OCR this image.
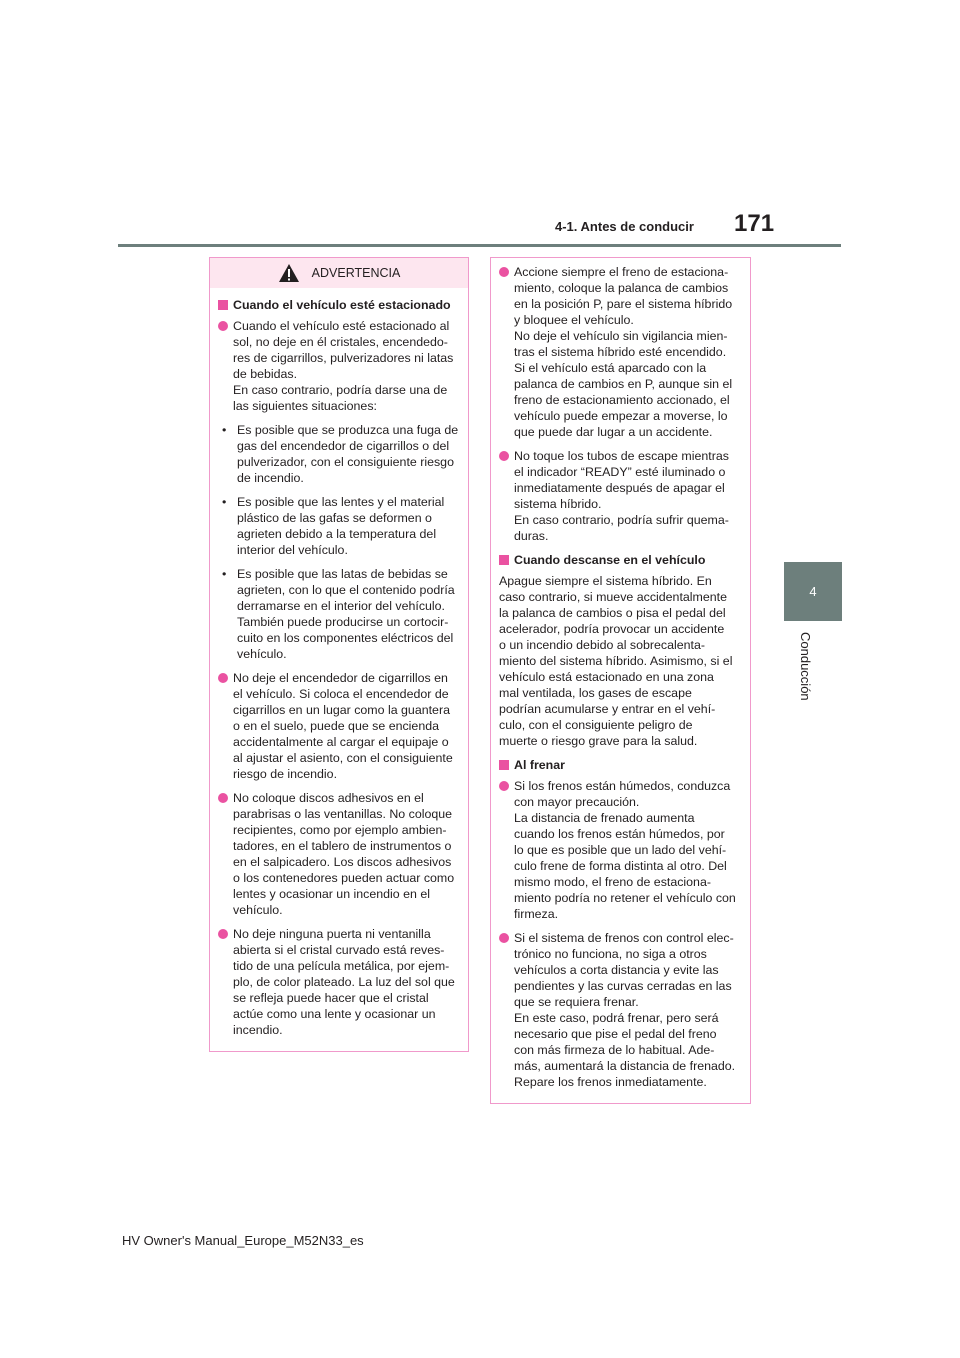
4-1. Antes de conducir 171
4
Conducción
ADVERTENCIA
Cuando el vehículo esté estacionado
Cuando el vehículo esté estacionado al
sol, no deje en él cristales, encendedo-
res de cigarrillos, pulverizadores ni latas
de bebidas.
En caso contrario, podría darse una de
las siguientes situaciones:
• Es posible que se produzca una fuga de
gas del encendedor de cigarrillos o del
pulverizador, con el consiguiente riesgo
de incendio.
• Es posible que las lentes y el material
plástico de las gafas se deformen o
agrieten debido a la temperatura del
interior del vehículo.
• Es posible que las latas de bebidas se
agrieten, con lo que el contenido podría
derramarse en el interior del vehículo.
También puede producirse un cortocir-
cuito en los componentes eléctricos del
vehículo.
No deje el encendedor de cigarrillos en
el vehículo. Si coloca el encendedor de
cigarrillos en un lugar como la guantera
o en el suelo, puede que se encienda
accidentalmente al cargar el equipaje o
al ajustar el asiento, con el consiguiente
riesgo de incendio.
No coloque discos adhesivos en el
parabrisas o las ventanillas. No coloque
recipientes, como por ejemplo ambien-
tadores, en el tablero de instrumentos o
en el salpicadero. Los discos adhesivos
o los contenedores pueden actuar como
lentes y ocasionar un incendio en el
vehículo.
No deje ninguna puerta ni ventanilla
abierta si el cristal curvado está reves-
tido de una película metálica, por ejem-
plo, de color plateado. La luz del sol que
se refleja puede hacer que el cristal
actúe como una lente y ocasionar un
incendio.
Accione siempre el freno de estaciona-
miento, coloque la palanca de cambios
en la posición P, pare el sistema híbrido
y bloquee el vehículo.
No deje el vehículo sin vigilancia mien-
tras el sistema híbrido esté encendido.
Si el vehículo está aparcado con la
palanca de cambios en P, aunque sin el
freno de estacionamiento accionado, el
vehículo puede empezar a moverse, lo
que puede dar lugar a un accidente.
No toque los tubos de escape mientras
el indicador “READY” esté iluminado o
inmediatamente después de apagar el
sistema híbrido.
En caso contrario, podría sufrir quema-
duras.
Cuando descanse en el vehículo
Apague siempre el sistema híbrido. En
caso contrario, si mueve accidentalmente
la palanca de cambios o pisa el pedal del
acelerador, podría provocar un accidente
o un incendio debido al sobrecalenta-
miento del sistema híbrido. Asimismo, si el
vehículo está estacionado en una zona
mal ventilada, los gases de escape
podrían acumularse y entrar en el vehí-
culo, con el consiguiente peligro de
muerte o riesgo grave para la salud.
Al frenar
Si los frenos están húmedos, conduzca
con mayor precaución.
La distancia de frenado aumenta
cuando los frenos están húmedos, por
lo que es posible que un lado del vehí-
culo frene de forma distinta al otro. Del
mismo modo, el freno de estaciona-
miento podría no retener el vehículo con
firmeza.
Si el sistema de frenos con control elec-
trónico no funciona, no siga a otros
vehículos a corta distancia y evite las
pendientes y las curvas cerradas en las
que se requiera frenar.
En este caso, podrá frenar, pero será
necesario que pise el pedal del freno
con más firmeza de lo habitual. Ade-
más, aumentará la distancia de frenado.
Repare los frenos inmediatamente.
HV Owner's Manual_Europe_M52N33_es
